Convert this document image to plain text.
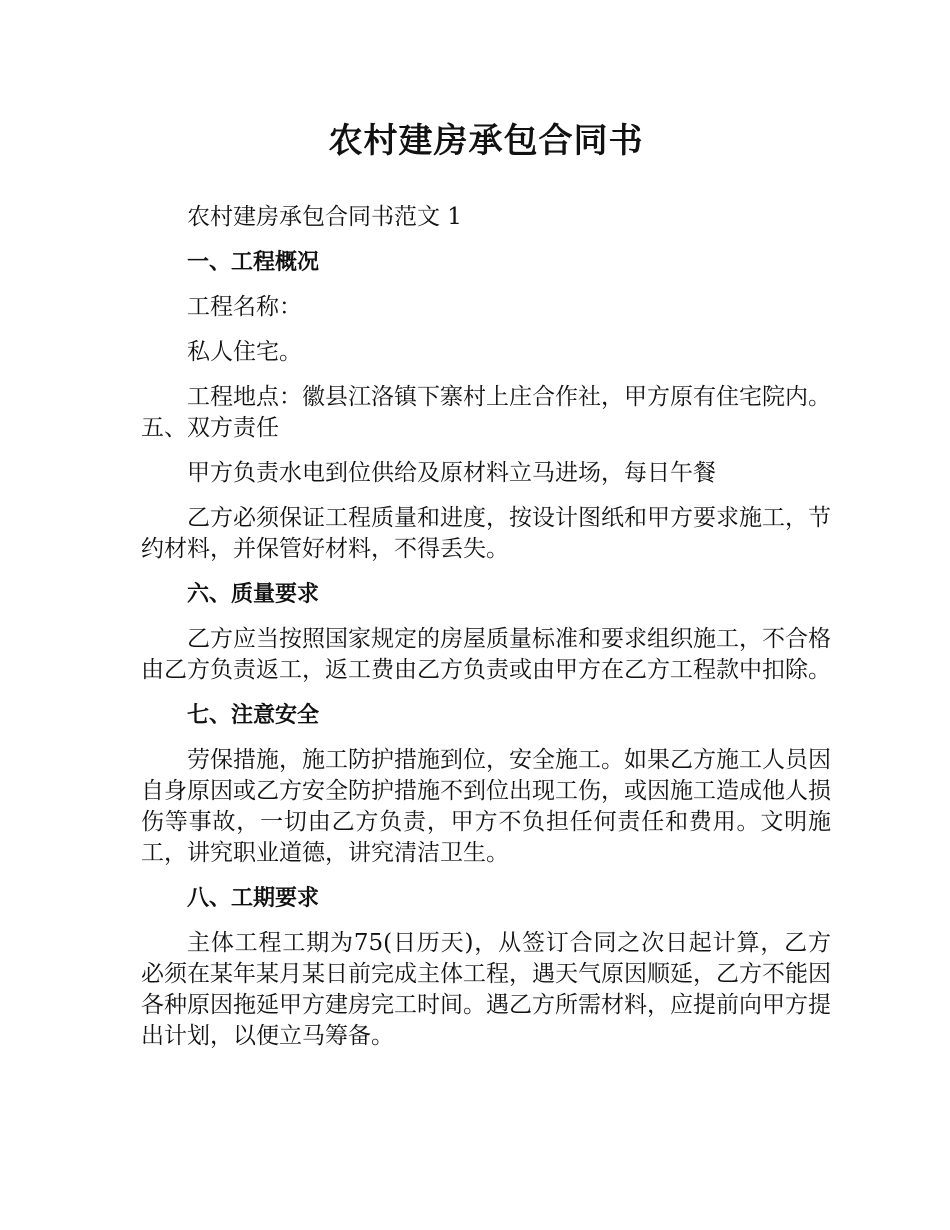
农村建房承包合同书

农村建房承包合同书范文 1

一、工程概况

工程名称：

私人住宅。

工程地点：徽县江洛镇下寨村上庄合作社，甲方原有住宅院内。五、双方责任

甲方负责水电到位供给及原材料立马进场，每日午餐

乙方必须保证工程质量和进度，按设计图纸和甲方要求施工，节约材料，并保管好材料，不得丢失。

六、质量要求

乙方应当按照国家规定的房屋质量标准和要求组织施工，不合格由乙方负责返工，返工费由乙方负责或由甲方在乙方工程款中扣除。

七、注意安全

劳保措施，施工防护措施到位，安全施工。如果乙方施工人员因自身原因或乙方安全防护措施不到位出现工伤，或因施工造成他人损伤等事故，一切由乙方负责，甲方不负担任何责任和费用。文明施工，讲究职业道德，讲究清洁卫生。

八、工期要求

主体工程工期为75(日历天)，从签订合同之次日起计算，乙方必须在某年某月某日前完成主体工程，遇天气原因顺延，乙方不能因各种原因拖延甲方建房完工时间。遇乙方所需材料，应提前向甲方提出计划，以便立马筹备。
